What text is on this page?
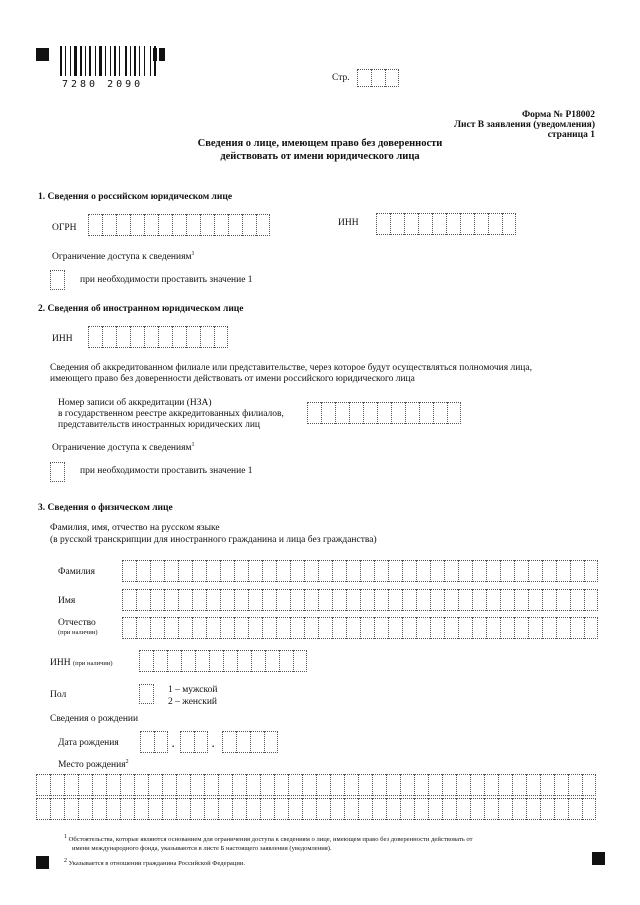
7280 2090
Стр.
Форма № Р18002
Лист В заявления (уведомления)
страница 1
Сведения о лице, имеющем право без доверенности
действовать от имени юридического лица
1. Сведения о российском юридическом лице
ОГРН	ИНН
Ограничение доступа к сведениям$^1$
при необходимости проставить значение 1
2. Сведения об иностранном юридическом лице
ИНН
Сведения об аккредитованном филиале или представительстве, через которое будут осуществляться полномочия лица,
имеющего право без доверенности действовать от имени российского юридического лица
Номер записи об аккредитации (НЗА)
в государственном реестре аккредитованных филиалов,
представительств иностранных юридических лиц
Ограничение доступа к сведениям$^1$
при необходимости проставить значение 1
3. Сведения о физическом лице
Фамилия, имя, отчество на русском языке
(в русской транскрипции для иностранного гражданина и лица без гражданства)
Фамилия
Имя
Отчество
(при наличии)
ИНН (при наличии)
Пол	1 – мужской
2 – женский
Сведения о рождении
Дата рождения	.	.
Место рождения$^2$
$^1$ Обстоятельства, которые являются основанием для ограничения доступа к сведениям о лице, имеющем право без доверенности действовать от
имени международного фонда, указываются в листе Б настоящего заявления (уведомления).
$^2$ Указывается в отношении гражданина Российской Федерации.
